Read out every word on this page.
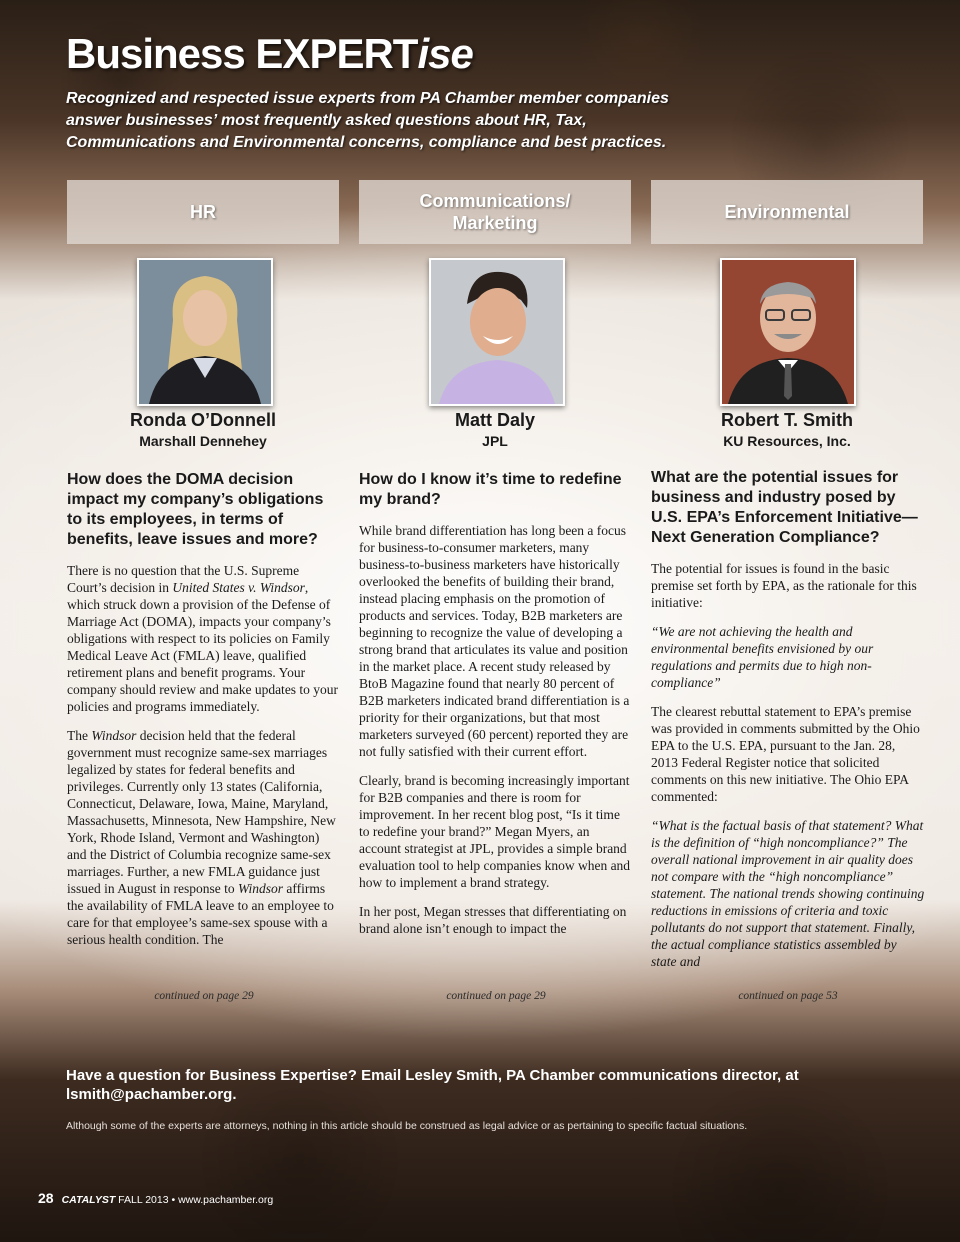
Business EXPERTise

Recognized and respected issue experts from PA Chamber member companies answer businesses’ most frequently asked questions about HR, Tax, Communications and Environmental concerns, compliance and best practices.

HR
Communications/
Marketing
Environmental

Ronda O’Donnell

Marshall Dennehey

Matt Daly

JPL

Robert T. Smith

KU Resources, Inc.

How does the DOMA decision impact my company’s obligations to its employees, in terms of benefits, leave issues and more?

There is no question that the U.S. Supreme Court’s decision in United States v. Windsor, which struck down a provision of the Defense of Marriage Act (DOMA), impacts your company’s obligations with respect to its policies on Family Medical Leave Act (FMLA) leave, qualified retirement plans and benefit programs. Your company should review and make updates to your policies and programs immediately.

The Windsor decision held that the federal government must recognize same-sex marriages legalized by states for federal benefits and privileges. Currently only 13 states (California, Connecticut, Delaware, Iowa, Maine, Maryland, Massachusetts, Minnesota, New Hampshire, New York, Rhode Island, Vermont and Washington) and the District of Columbia recognize same-sex marriages. Further, a new FMLA guidance just issued in August in response to Windsor affirms the availability of FMLA leave to an employee to care for that employee’s same-sex spouse with a serious health condition. The

How do I know it’s time to redefine my brand?

While brand differentiation has long been a focus for business-to-consumer marketers, many business-to-business marketers have historically overlooked the benefits of building their brand, instead placing emphasis on the promotion of products and services. Today, B2B marketers are beginning to recognize the value of developing a strong brand that articulates its value and position in the market place. A recent study released by BtoB Magazine found that nearly 80 percent of B2B marketers indicated brand differentiation is a priority for their organizations, but that most marketers surveyed (60 percent) reported they are not fully satisfied with their current effort.

Clearly, brand is becoming increasingly important for B2B companies and there is room for improvement. In her recent blog post, “Is it time to redefine your brand?” Megan Myers, an account strategist at JPL, provides a simple brand evaluation tool to help companies know when and how to implement a brand strategy.

In her post, Megan stresses that differentiating on brand alone isn’t enough to impact the

What are the potential issues for business and industry posed by U.S. EPA’s Enforcement Initiative—Next Generation Compliance?

The potential for issues is found in the basic premise set forth by EPA, as the rationale for this initiative:

“We are not achieving the health and environmental benefits envisioned by our regulations and permits due to high non-compliance”

The clearest rebuttal statement to EPA’s premise was provided in comments submitted by the Ohio EPA to the U.S. EPA, pursuant to the Jan. 28, 2013 Federal Register notice that solicited comments on this new initiative. The Ohio EPA commented:

“What is the factual basis of that statement? What is the definition of “high noncompliance?” The overall national improvement in air quality does not compare with the “high noncompliance” statement. The national trends showing continuing reductions in emissions of criteria and toxic pollutants do not support that statement. Finally, the actual compliance statistics assembled by state and

continued on page 29	continued on page 29	continued on page 53

Have a question for Business Expertise? Email Lesley Smith, PA Chamber communications director, at lsmith@pachamber.org.

Although some of the experts are attorneys, nothing in this article should be construed as legal advice or as pertaining to specific factual situations.

28 CATALYST FALL 2013 • www.pachamber.org
